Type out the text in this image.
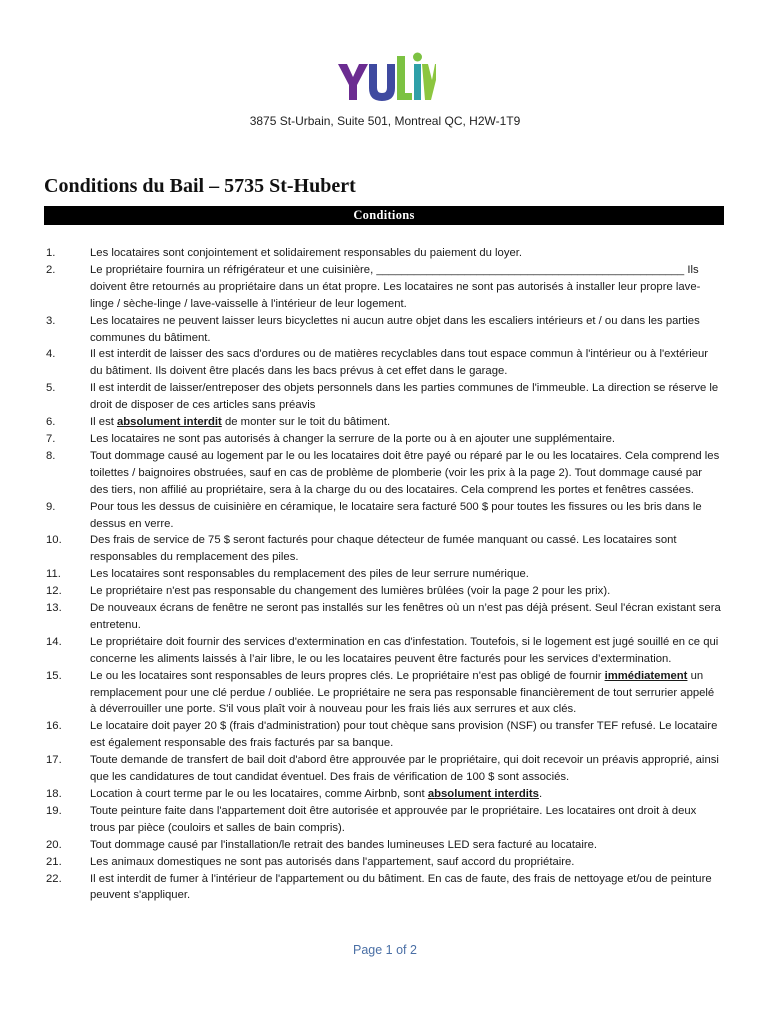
3875 St-Urbain, Suite 501, Montreal QC, H2W-1T9
Conditions du Bail – 5735 St-Hubert
Conditions
1.	Les locataires sont conjointement et solidairement responsables du paiement du loyer.
2.	Le propriétaire fournira un réfrigérateur et une cuisinière, _________________________________________________ Ils doivent être retournés au propriétaire dans un état propre. Les locataires ne sont pas autorisés à installer leur propre lave-linge / sèche-linge / lave-vaisselle à l'intérieur de leur logement.
3.	Les locataires ne peuvent laisser leurs bicyclettes ni aucun autre objet dans les escaliers intérieurs et / ou dans les parties communes du bâtiment.
4.	Il est interdit de laisser des sacs d'ordures ou de matières recyclables dans tout espace commun à l'intérieur ou à l'extérieur du bâtiment. Ils doivent être placés dans les bacs prévus à cet effet dans le garage.
5.	Il est interdit de laisser/entreposer des objets personnels dans les parties communes de l'immeuble. La direction se réserve le droit de disposer de ces articles sans préavis
6.	Il est absolument interdit de monter sur le toit du bâtiment.
7.	Les locataires ne sont pas autorisés à changer la serrure de la porte ou à en ajouter une supplémentaire.
8.	Tout dommage causé au logement par le ou les locataires doit être payé ou réparé par le ou les locataires. Cela comprend les toilettes / baignoires obstruées, sauf en cas de problème de plomberie (voir les prix à la page 2). Tout dommage causé par des tiers, non affilié au propriétaire, sera à la charge du ou des locataires. Cela comprend les portes et fenêtres cassées.
9.	Pour tous les dessus de cuisinière en céramique, le locataire sera facturé 500 $ pour toutes les fissures ou les bris dans le dessus en verre.
10.	Des frais de service de 75 $ seront facturés pour chaque détecteur de fumée manquant ou cassé. Les locataires sont responsables du remplacement des piles.
11.	Les locataires sont responsables du remplacement des piles de leur serrure numérique.
12.	Le propriétaire n'est pas responsable du changement des lumières brûlées (voir la page 2 pour les prix).
13.	De nouveaux écrans de fenêtre ne seront pas installés sur les fenêtres où un n’est pas déjà présent. Seul l'écran existant sera entretenu.
14.	Le propriétaire doit fournir des services d'extermination en cas d'infestation. Toutefois, si le logement est jugé souillé en ce qui concerne les aliments laissés à l’air libre, le ou les locataires peuvent être facturés pour les services d’extermination.
15.	Le ou les locataires sont responsables de leurs propres clés. Le propriétaire n'est pas obligé de fournir immédiatement un remplacement pour une clé perdue / oubliée. Le propriétaire ne sera pas responsable financièrement de tout serrurier appelé à déverrouiller une porte. S'il vous plaît voir à nouveau pour les frais liés aux serrures et aux clés.
16.	Le locataire doit payer 20 $ (frais d'administration) pour tout chèque sans provision (NSF) ou transfer TEF refusé. Le locataire est également responsable des frais facturés par sa banque.
17.	Toute demande de transfert de bail doit d'abord être approuvée par le propriétaire, qui doit recevoir un préavis approprié, ainsi que les candidatures de tout candidat éventuel. Des frais de vérification de 100 $ sont associés.
18.	Location à court terme par le ou les locataires, comme Airbnb, sont absolument interdits.
19.	Toute peinture faite dans l'appartement doit être autorisée et approuvée par le propriétaire. Les locataires ont droit à deux trous par pièce (couloirs et salles de bain compris).
20.	Tout dommage causé par l'installation/le retrait des bandes lumineuses LED sera facturé au locataire.
21.	Les animaux domestiques ne sont pas autorisés dans l'appartement, sauf accord du propriétaire.
22.	Il est interdit de fumer à l'intérieur de l'appartement ou du bâtiment. En cas de faute, des frais de nettoyage et/ou de peinture peuvent s'appliquer.
Page 1 of 2
